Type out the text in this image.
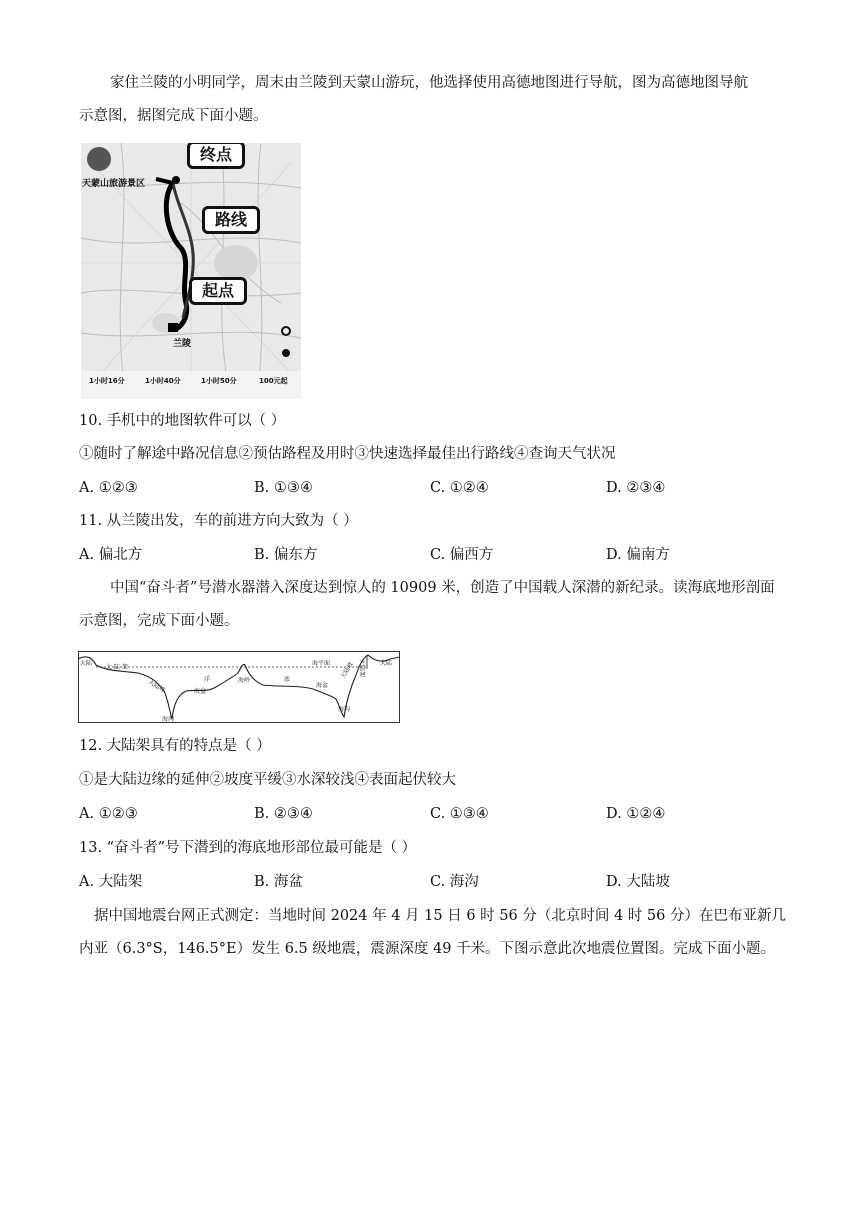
家住兰陵的小明同学，周末由兰陵到天蒙山游玩，他选择使用高德地图进行导航，图为高德地图导航
示意图，据图完成下面小题。
终点
路线
起点
天蒙山旅游景区
兰陵
1小时16分	1小时40分	1小时50分	100元起
10. 手机中的地图软件可以（ ）
①随时了解途中路况信息②预估路程及用时③快速选择最佳出行路线④查询天气状况
A. ①②③	B. ①③④	C. ①②④	D. ②③④
11. 从兰陵出发，车的前进方向大致为（ ）
A. 偏北方	B. 偏东方	C. 偏西方	D. 偏南方
中国“奋斗者”号潜水器潜入深度达到惊人的 10909 米，创造了中国载人深潜的新纪录。读海底地形剖面
示意图，完成下面小题。
大陆
大 陆 架
大陆坡
海沟
洋
海盆
海岭	底
海盆
海平面 大陆坡
海沟
大陆架	大陆
12. 大陆架具有的特点是（ ）
①是大陆边缘的延伸②坡度平缓③水深较浅④表面起伏较大
A. ①②③	B. ②③④	C. ①③④	D. ①②④
13. “奋斗者”号下潜到的海底地形部位最可能是（ ）
A. 大陆架	B. 海盆	C. 海沟	D. 大陆坡
据中国地震台网正式测定：当地时间 2024 年 4 月 15 日 6 时 56 分（北京时间 4 时 56 分）在巴布亚新几
内亚（6.3°S，146.5°E）发生 6.5 级地震，震源深度 49 千米。下图示意此次地震位置图。完成下面小题。
